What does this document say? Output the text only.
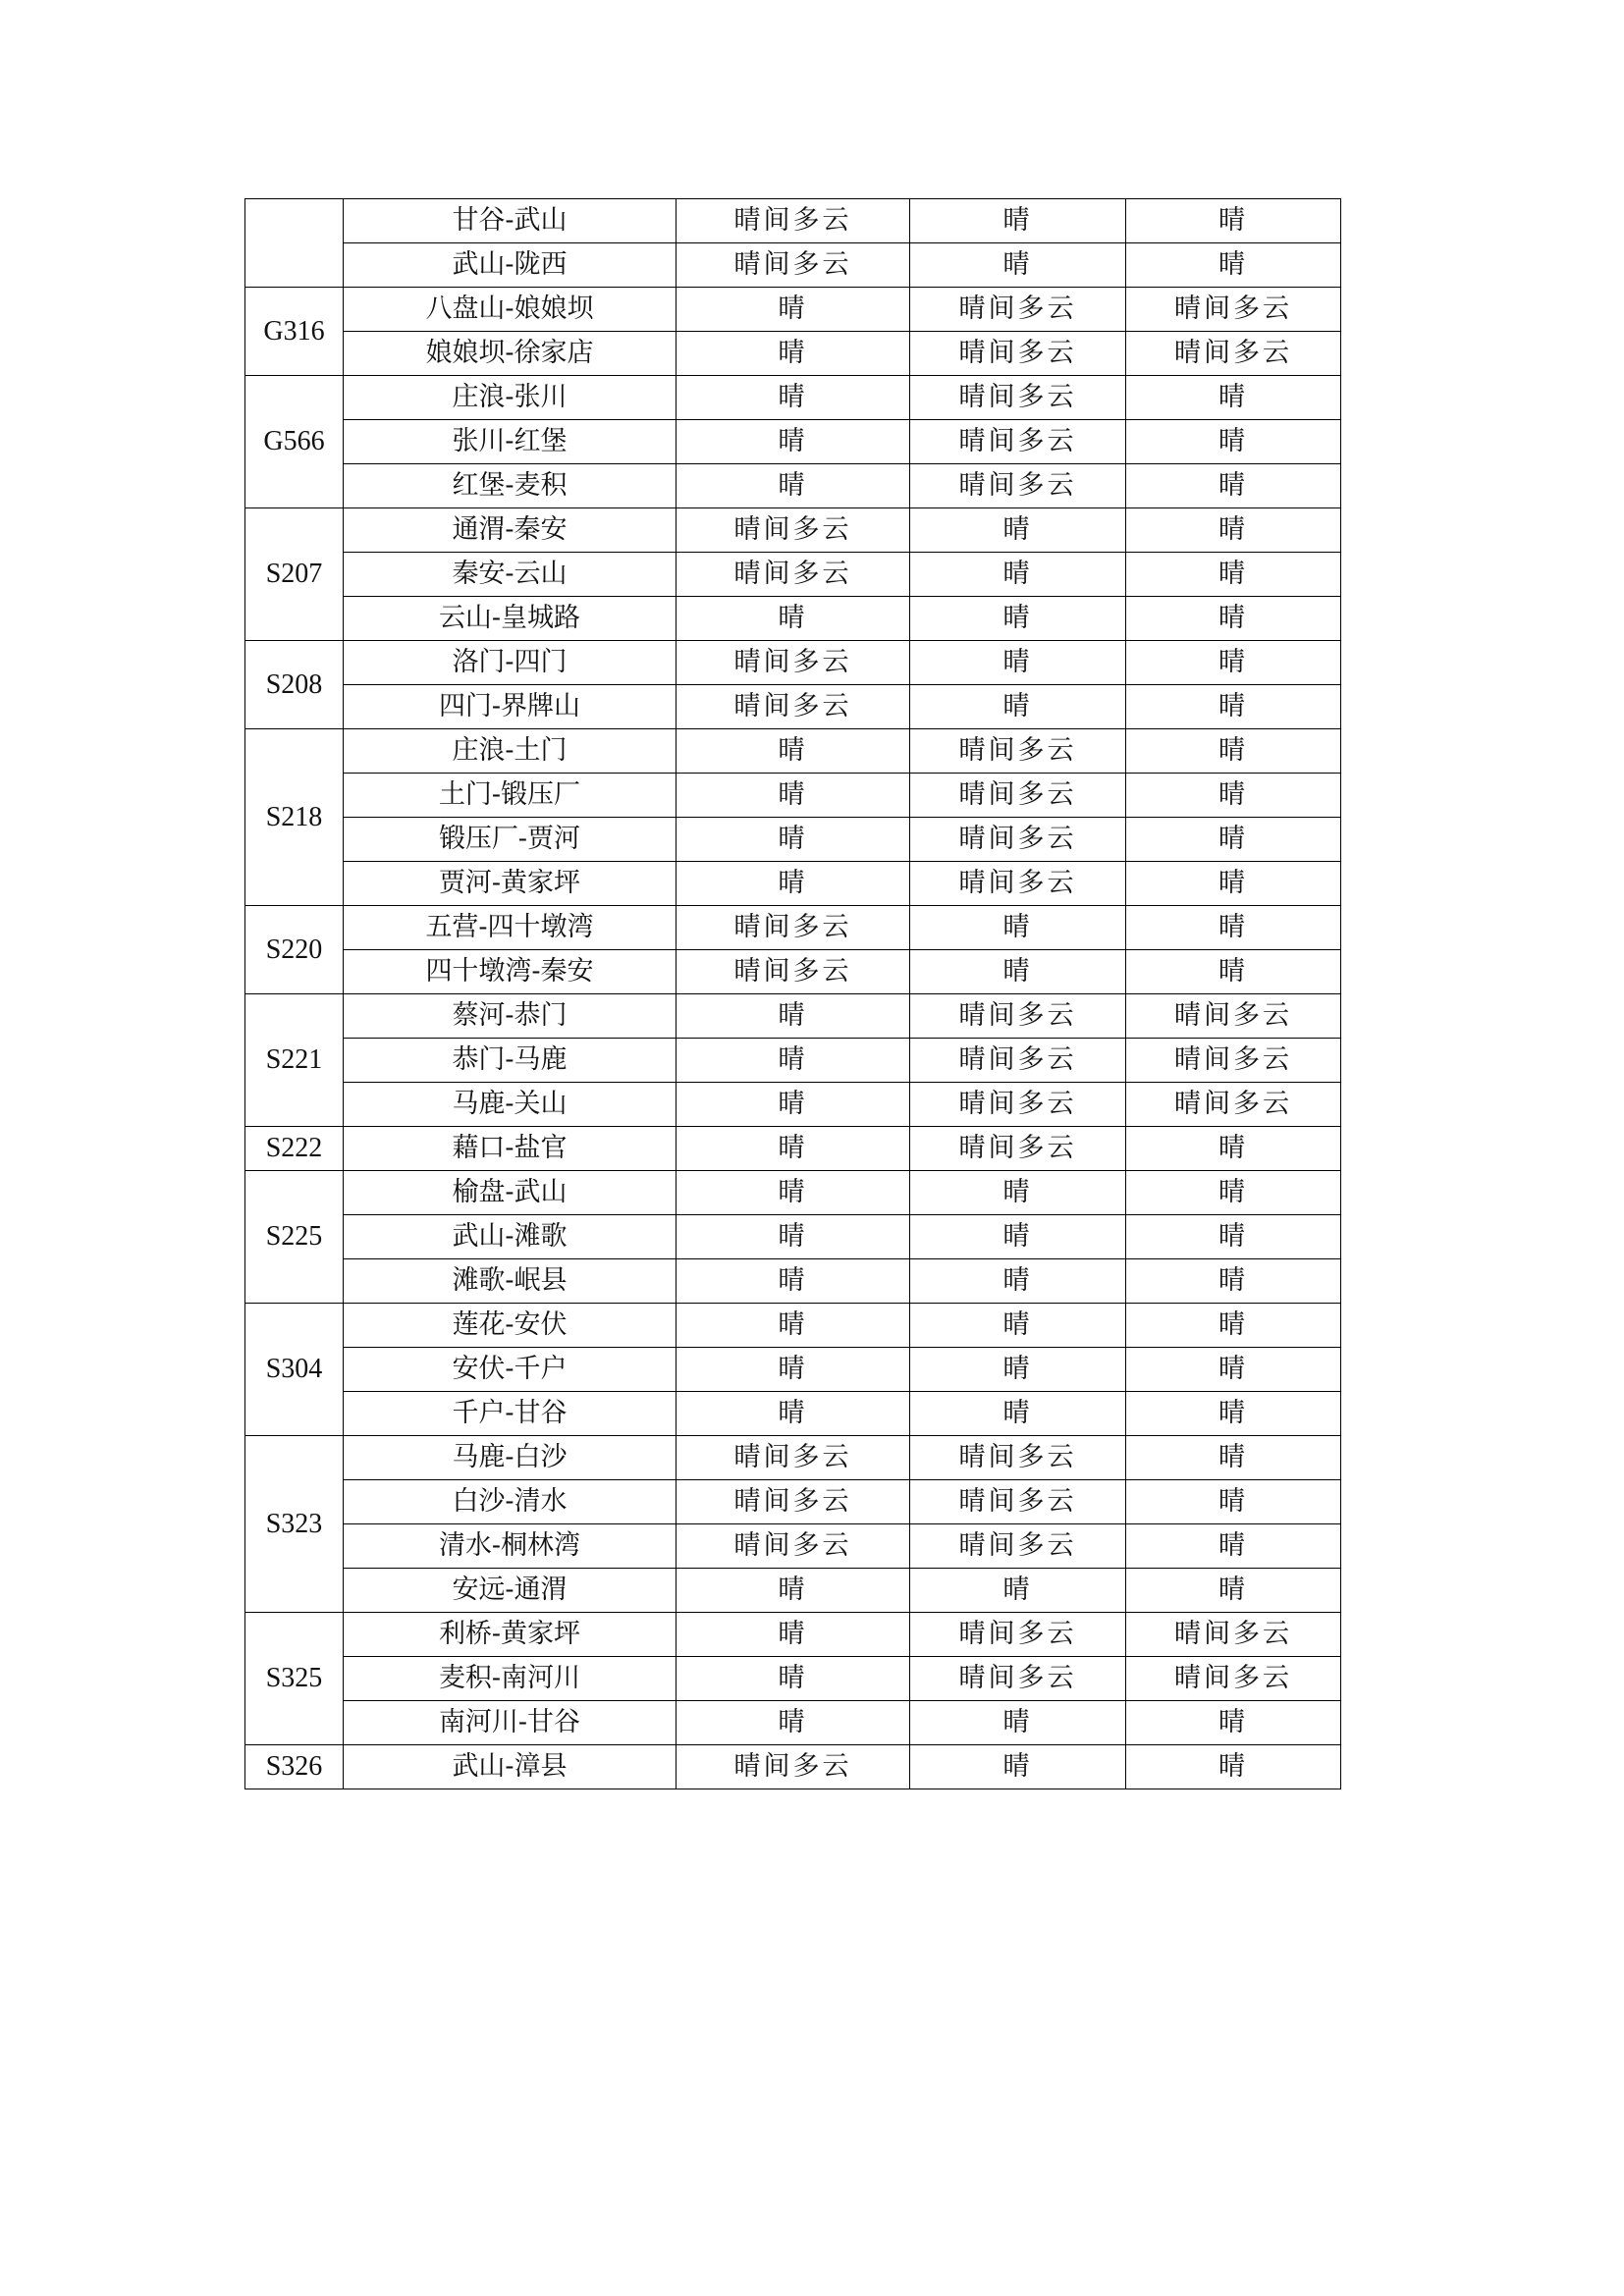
	甘谷-武山	晴间多云	晴	晴
	武山-陇西	晴间多云	晴	晴
G316	八盘山-娘娘坝	晴	晴间多云	晴间多云
	娘娘坝-徐家店	晴	晴间多云	晴间多云
G566	庄浪-张川	晴	晴间多云	晴
	张川-红堡	晴	晴间多云	晴
	红堡-麦积	晴	晴间多云	晴
S207	通渭-秦安	晴间多云	晴	晴
	秦安-云山	晴间多云	晴	晴
	云山-皇城路	晴	晴	晴
S208	洛门-四门	晴间多云	晴	晴
	四门-界牌山	晴间多云	晴	晴
S218	庄浪-土门	晴	晴间多云	晴
	土门-锻压厂	晴	晴间多云	晴
	锻压厂-贾河	晴	晴间多云	晴
	贾河-黄家坪	晴	晴间多云	晴
S220	五营-四十墩湾	晴间多云	晴	晴
	四十墩湾-秦安	晴间多云	晴	晴
S221	蔡河-恭门	晴	晴间多云	晴间多云
	恭门-马鹿	晴	晴间多云	晴间多云
	马鹿-关山	晴	晴间多云	晴间多云
S222	藉口-盐官	晴	晴间多云	晴
S225	榆盘-武山	晴	晴	晴
	武山-滩歌	晴	晴	晴
	滩歌-岷县	晴	晴	晴
S304	莲花-安伏	晴	晴	晴
	安伏-千户	晴	晴	晴
	千户-甘谷	晴	晴	晴
S323	马鹿-白沙	晴间多云	晴间多云	晴
	白沙-清水	晴间多云	晴间多云	晴
	清水-桐林湾	晴间多云	晴间多云	晴
	安远-通渭	晴	晴	晴
S325	利桥-黄家坪	晴	晴间多云	晴间多云
	麦积-南河川	晴	晴间多云	晴间多云
	南河川-甘谷	晴	晴	晴
S326	武山-漳县	晴间多云	晴	晴
